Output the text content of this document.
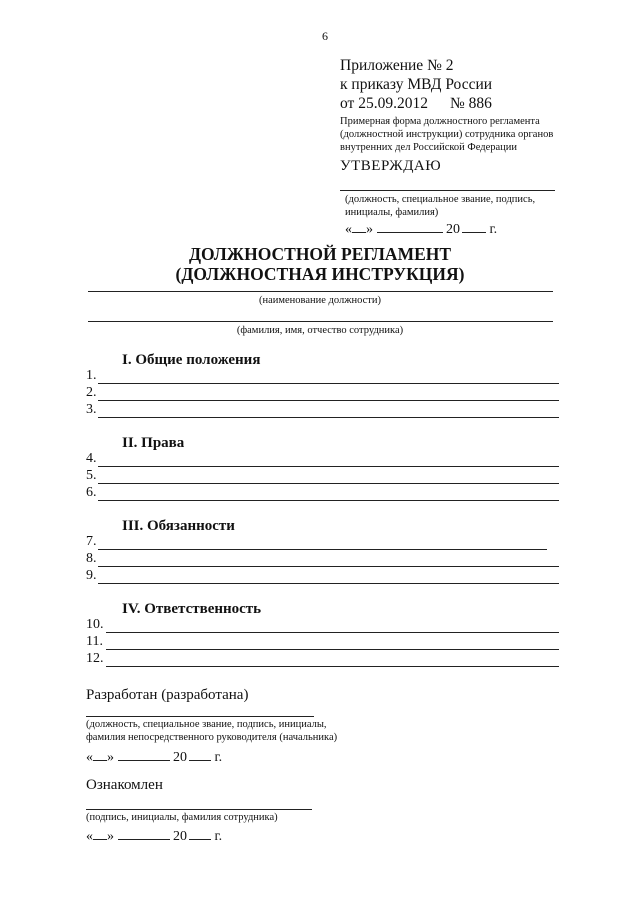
6
Приложение № 2
к приказу МВД России
от 25.09.2012 № 886
Примерная форма должностного регламента
(должностной инструкции) сотрудника органов
внутренних дел Российской Федерации
УТВЕРЖДАЮ
(должность, специальное звание, подпись,
инициалы, фамилия)
« »	20 г.
ДОЛЖНОСТНОЙ РЕГЛАМЕНТ
(ДОЛЖНОСТНАЯ ИНСТРУКЦИЯ)
(наименование должности)
(фамилия, имя, отчество сотрудника)
I. Общие положения
1.
2.
3.
II. Права
4.
5.
6.
III. Обязанности
7.
8.
9.
IV. Ответственность
10.
11.
12.
Разработан (разработана)
(должность, специальное звание, подпись, инициалы,
фамилия непосредственного руководителя (начальника)
« »	20 г.
Ознакомлен
(подпись, инициалы, фамилия сотрудника)
« »	20 г.
